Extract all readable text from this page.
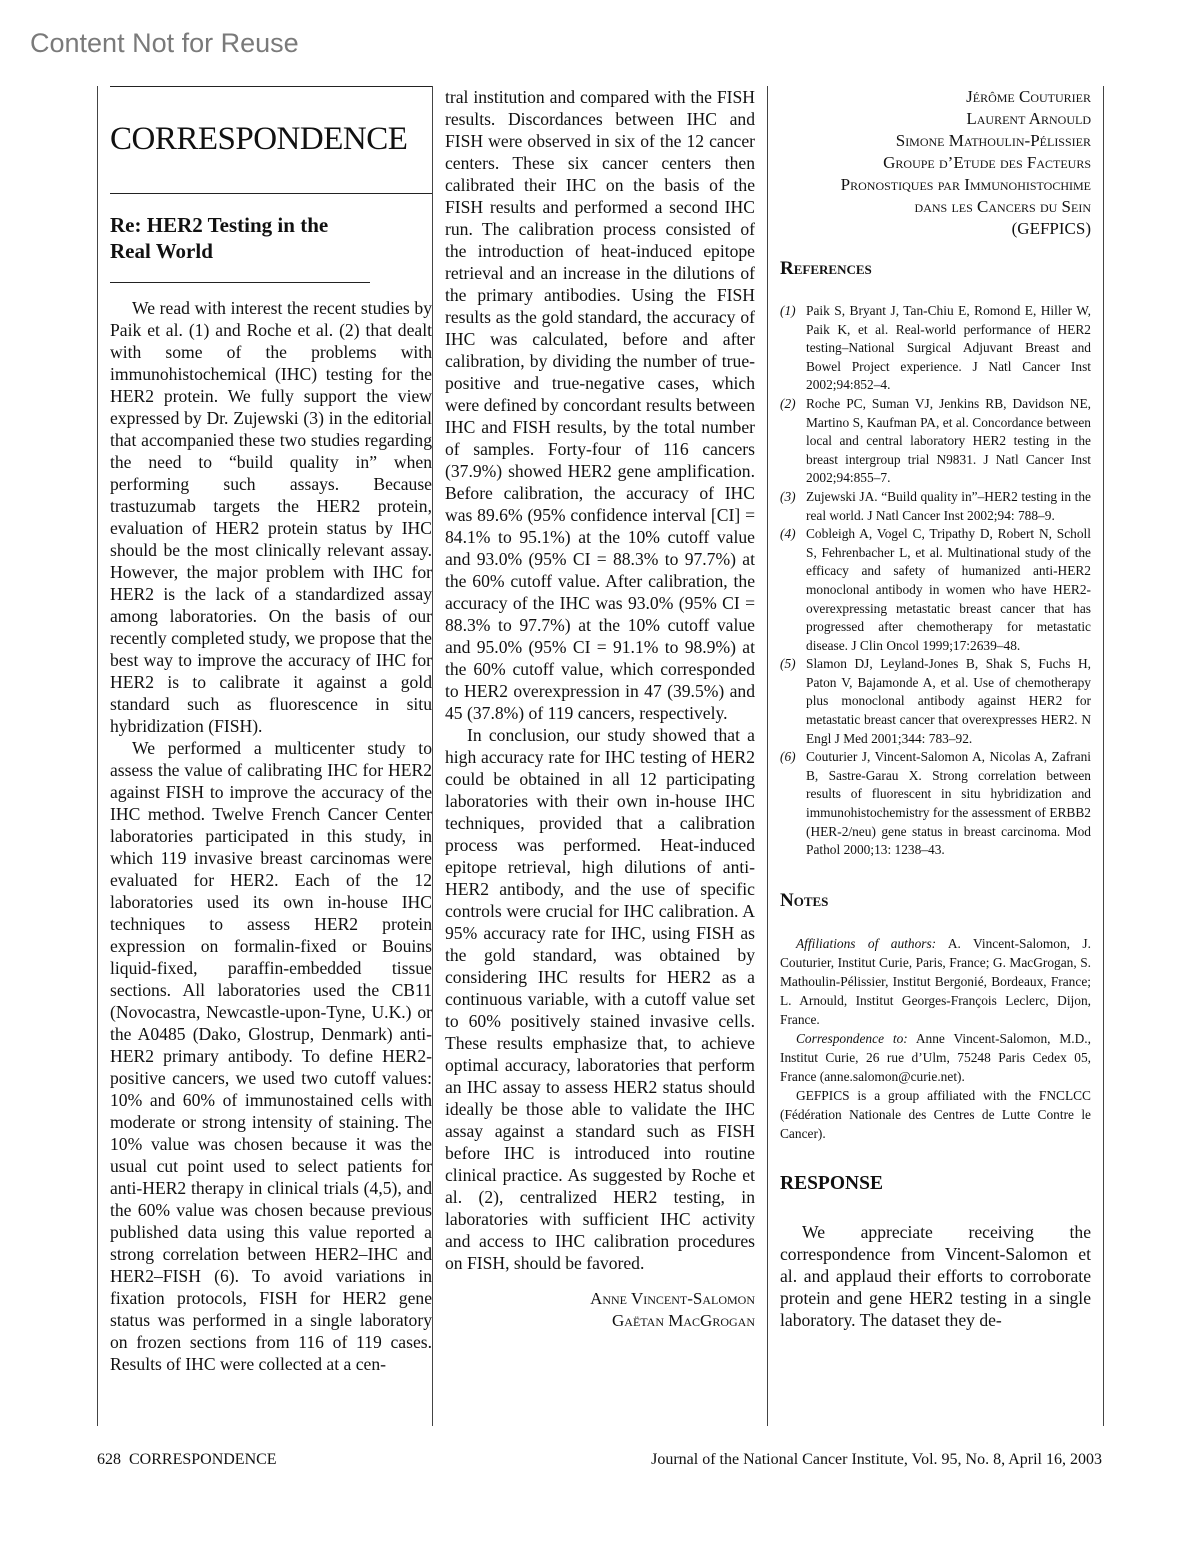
Content Not for Reuse
CORRESPONDENCE
Re: HER2 Testing in the Real World

We read with interest the recent studies by Paik et al. (1) and Roche et al. (2) that dealt with some of the problems with immunohistochemical (IHC) testing for the HER2 protein. We fully support the view expressed by Dr. Zujewski (3) in the editorial that accompanied these two studies regarding the need to “build quality in” when performing such assays. Because trastuzumab targets the HER2 protein, evaluation of HER2 protein status by IHC should be the most clinically relevant assay. However, the major problem with IHC for HER2 is the lack of a standardized assay among laboratories. On the basis of our recently completed study, we propose that the best way to improve the accuracy of IHC for HER2 is to calibrate it against a gold standard such as fluorescence in situ hybridization (FISH).

We performed a multicenter study to assess the value of calibrating IHC for HER2 against FISH to improve the accuracy of the IHC method. Twelve French Cancer Center laboratories participated in this study, in which 119 invasive breast carcinomas were evaluated for HER2. Each of the 12 laboratories used its own in-house IHC techniques to assess HER2 protein expression on formalin-fixed or Bouins liquid-fixed, paraffin-embedded tissue sections. All laboratories used the CB11 (Novocastra, Newcastle-upon-Tyne, U.K.) or the A0485 (Dako, Glostrup, Denmark) anti-HER2 primary antibody. To define HER2-positive cancers, we used two cutoff values: 10% and 60% of immunostained cells with moderate or strong intensity of staining. The 10% value was chosen because it was the usual cut point used to select patients for anti-HER2 therapy in clinical trials (4,5), and the 60% value was chosen because previous published data using this value reported a strong correlation between HER2–IHC and HER2–FISH (6). To avoid variations in fixation protocols, FISH for HER2 gene status was performed in a single laboratory on frozen sections from 116 of 119 cases. Results of IHC were collected at a cen-

tral institution and compared with the FISH results. Discordances between IHC and FISH were observed in six of the 12 cancer centers. These six cancer centers then calibrated their IHC on the basis of the FISH results and performed a second IHC run. The calibration process consisted of the introduction of heat-induced epitope retrieval and an increase in the dilutions of the primary antibodies. Using the FISH results as the gold standard, the accuracy of IHC was calculated, before and after calibration, by dividing the number of true-positive and true-negative cases, which were defined by concordant results between IHC and FISH results, by the total number of samples. Forty-four of 116 cancers (37.9%) showed HER2 gene amplification. Before calibration, the accuracy of IHC was 89.6% (95% confidence interval [CI] = 84.1% to 95.1%) at the 10% cutoff value and 93.0% (95% CI = 88.3% to 97.7%) at the 60% cutoff value. After calibration, the accuracy of the IHC was 93.0% (95% CI = 88.3% to 97.7%) at the 10% cutoff value and 95.0% (95% CI = 91.1% to 98.9%) at the 60% cutoff value, which corresponded to HER2 overexpression in 47 (39.5%) and 45 (37.8%) of 119 cancers, respectively.

In conclusion, our study showed that a high accuracy rate for IHC testing of HER2 could be obtained in all 12 participating laboratories with their own in-house IHC techniques, provided that a calibration process was performed. Heat-induced epitope retrieval, high dilutions of anti-HER2 antibody, and the use of specific controls were crucial for IHC calibration. A 95% accuracy rate for IHC, using FISH as the gold standard, was obtained by considering IHC results for HER2 as a continuous variable, with a cutoff value set to 60% positively stained invasive cells. These results emphasize that, to achieve optimal accuracy, laboratories that perform an IHC assay to assess HER2 status should ideally be those able to validate the IHC assay against a standard such as FISH before IHC is introduced into routine clinical practice. As suggested by Roche et al. (2), centralized HER2 testing, in laboratories with sufficient IHC activity and access to IHC calibration procedures on FISH, should be favored.

Anne Vincent-Salomon
Gaëtan MacGrogan
Jérôme Couturier
Laurent Arnould
Simone Mathoulin-Pélissier
Groupe d’Etude des Facteurs
Pronostiques par Immunohistochime
dans les Cancers du Sein
(GEFPICS)
References
(1) Paik S, Bryant J, Tan-Chiu E, Romond E, Hiller W, Paik K, et al. Real-world performance of HER2 testing–National Surgical Adjuvant Breast and Bowel Project experience. J Natl Cancer Inst 2002;94:852–4.
(2) Roche PC, Suman VJ, Jenkins RB, Davidson NE, Martino S, Kaufman PA, et al. Concordance between local and central laboratory HER2 testing in the breast intergroup trial N9831. J Natl Cancer Inst 2002;94:855–7.
(3) Zujewski JA. “Build quality in”–HER2 testing in the real world. J Natl Cancer Inst 2002;94: 788–9.
(4) Cobleigh A, Vogel C, Tripathy D, Robert N, Scholl S, Fehrenbacher L, et al. Multinational study of the efficacy and safety of humanized anti-HER2 monoclonal antibody in women who have HER2-overexpressing metastatic breast cancer that has progressed after chemotherapy for metastatic disease. J Clin Oncol 1999;17:2639–48.
(5) Slamon DJ, Leyland-Jones B, Shak S, Fuchs H, Paton V, Bajamonde A, et al. Use of chemotherapy plus monoclonal antibody against HER2 for metastatic breast cancer that overexpresses HER2. N Engl J Med 2001;344: 783–92.
(6) Couturier J, Vincent-Salomon A, Nicolas A, Zafrani B, Sastre-Garau X. Strong correlation between results of fluorescent in situ hybridization and immunohistochemistry for the assessment of ERBB2 (HER-2/neu) gene status in breast carcinoma. Mod Pathol 2000;13: 1238–43.
Notes

Affiliations of authors: A. Vincent-Salomon, J. Couturier, Institut Curie, Paris, France; G. MacGrogan, S. Mathoulin-Pélissier, Institut Bergonié, Bordeaux, France; L. Arnould, Institut Georges-François Leclerc, Dijon, France.

Correspondence to: Anne Vincent-Salomon, M.D., Institut Curie, 26 rue d’Ulm, 75248 Paris Cedex 05, France (anne.salomon@curie.net).

GEFPICS is a group affiliated with the FNCLCC (Fédération Nationale des Centres de Lutte Contre le Cancer).

RESPONSE

We appreciate receiving the correspondence from Vincent-Salomon et al. and applaud their efforts to corroborate protein and gene HER2 testing in a single laboratory. The dataset they de-

628  CORRESPONDENCE	Journal of the National Cancer Institute, Vol. 95, No. 8, April 16, 2003
